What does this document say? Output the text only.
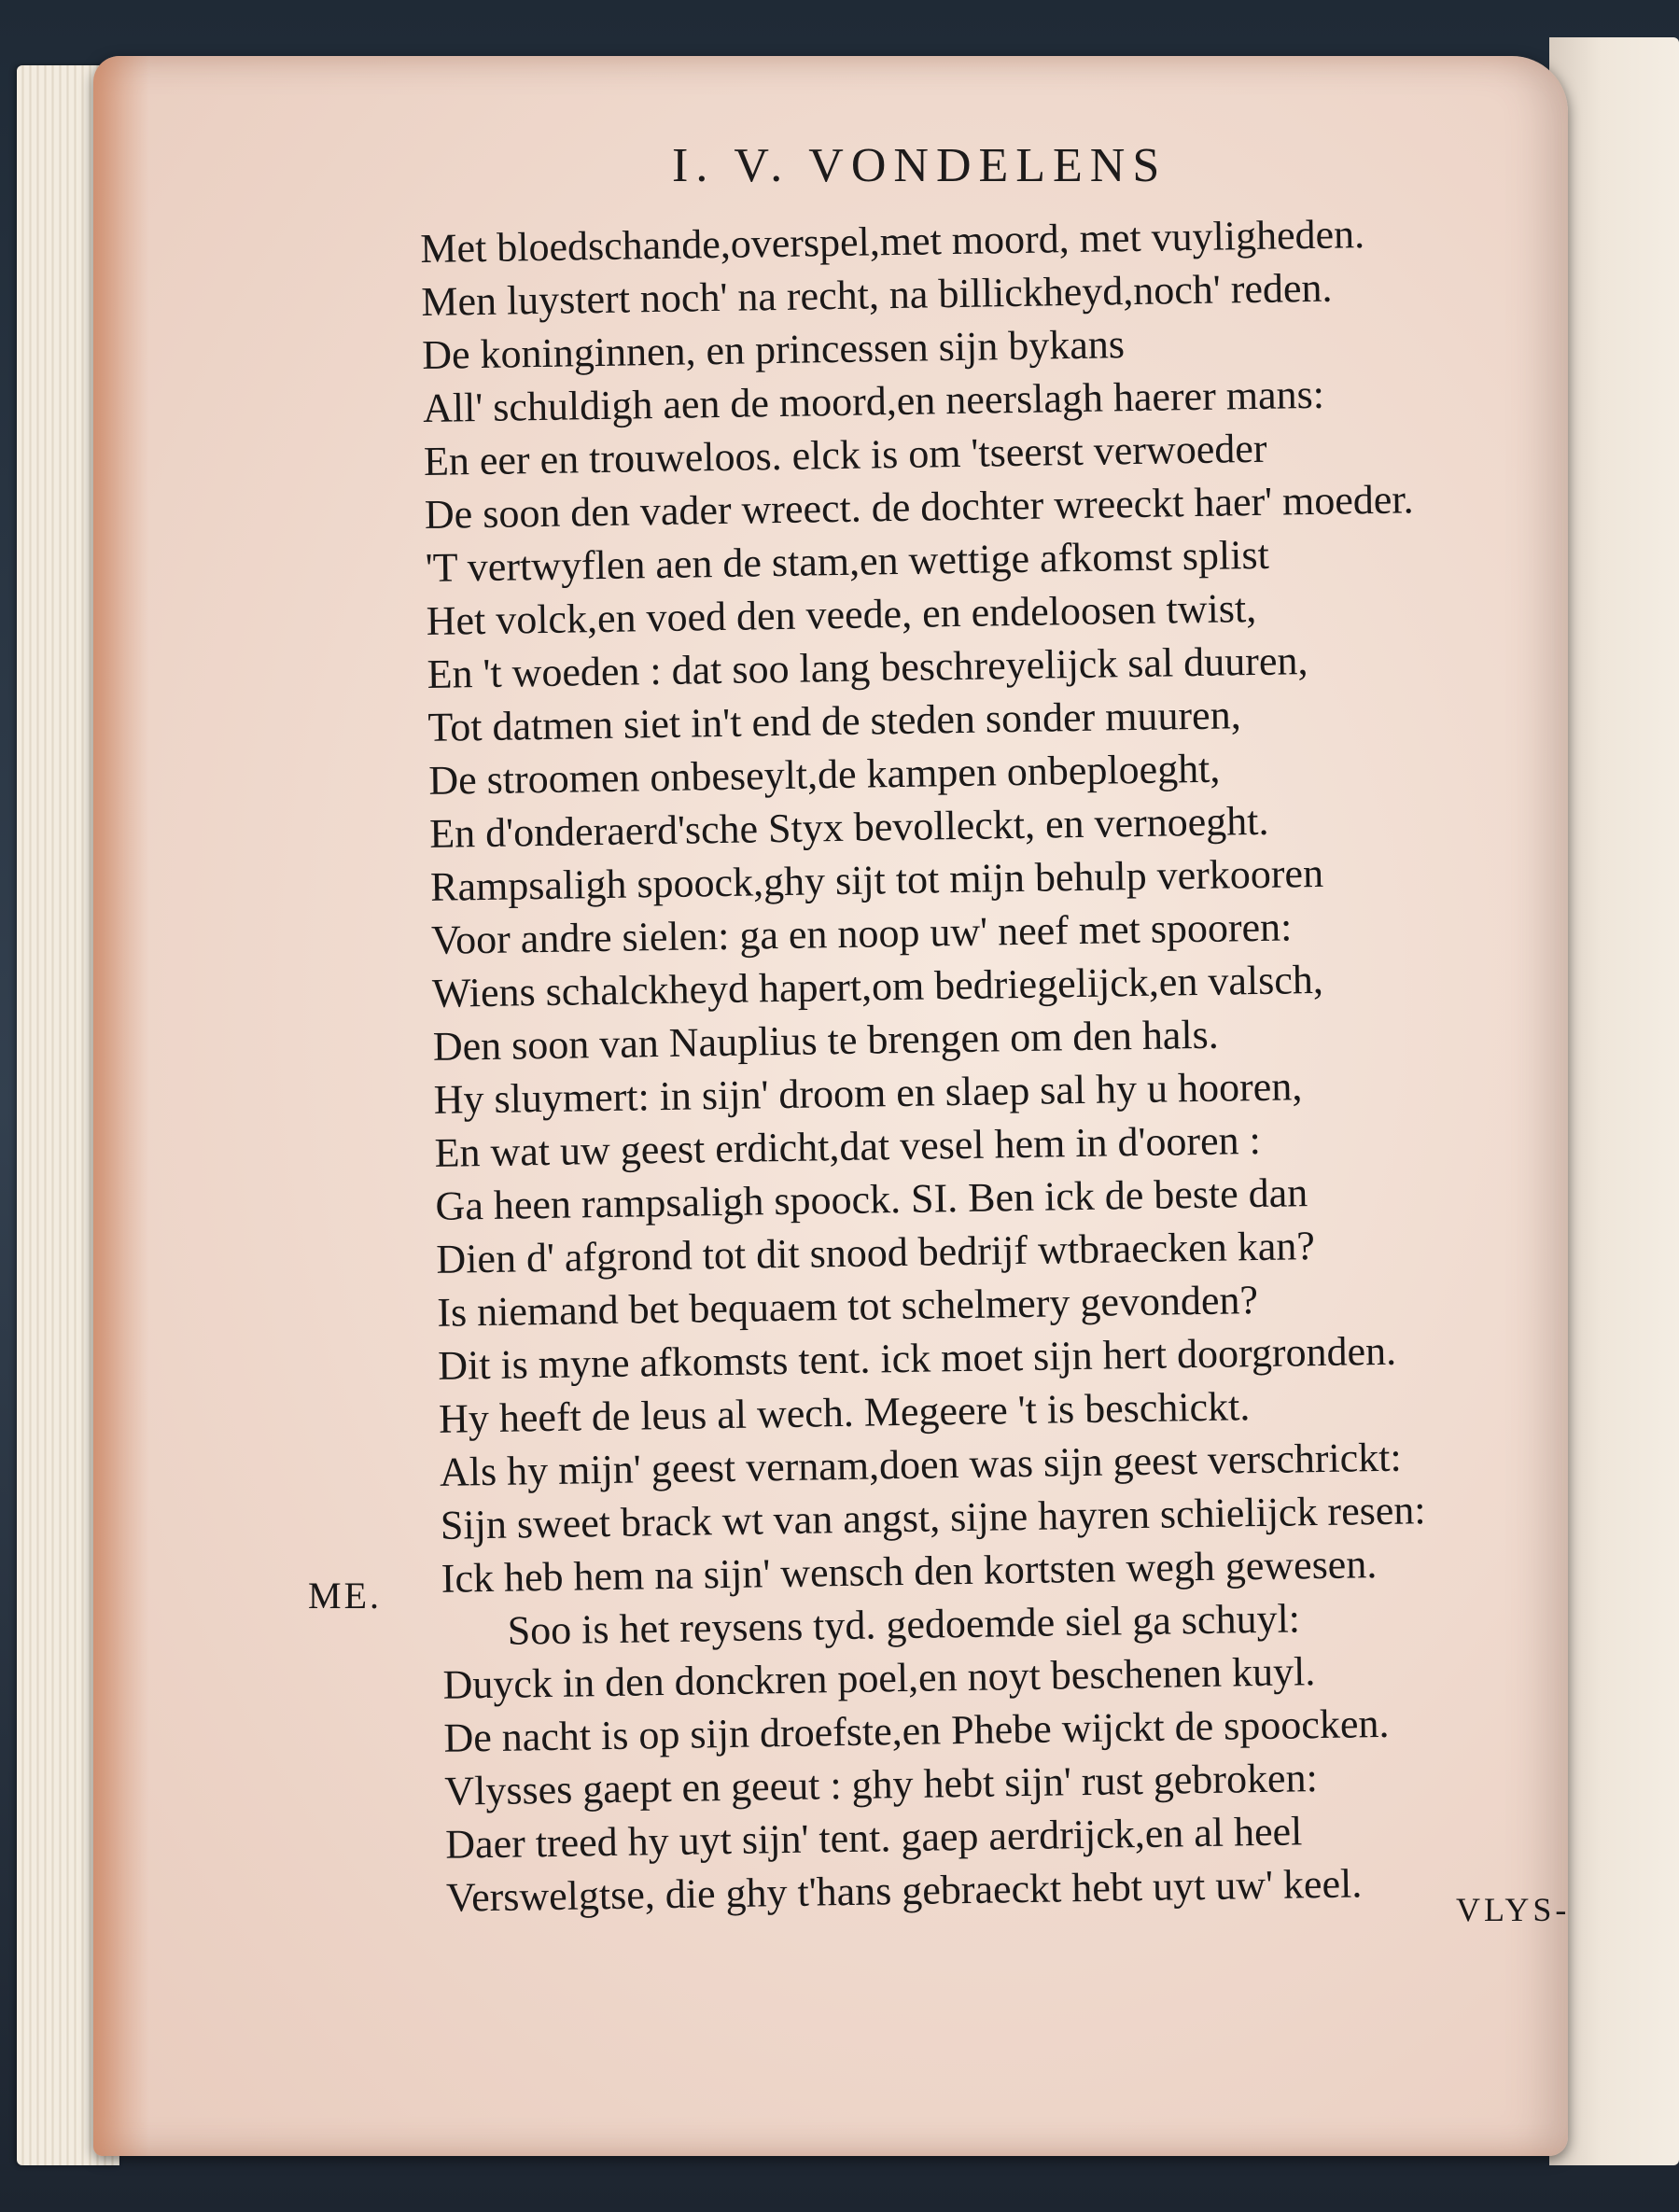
I. V. VONDELENS
Met bloedschande,overspel,met moord, met vuyligheden.
Men luystert noch' na recht, na billickheyd,noch' reden.
De koninginnen, en princessen sijn bykans
All' schuldigh aen de moord,en neerslagh haerer mans:
En eer en trouweloos. elck is om 'tseerst verwoeder
De soon den vader wreect. de dochter wreeckt haer' moeder.
'T vertwyflen aen de stam,en wettige afkomst splist
Het volck,en voed den veede, en endeloosen twist,
En 't woeden : dat soo lang beschreyelijck sal duuren,
Tot datmen siet in't end de steden sonder muuren,
De stroomen onbeseylt,de kampen onbeploeght,
En d'onderaerd'sche Styx bevolleckt, en vernoeght.
Rampsaligh spoock,ghy sijt tot mijn behulp verkooren
Voor andre sielen: ga en noop uw' neef met spooren:
Wiens schalckheyd hapert,om bedriegelijck,en valsch,
Den soon van Nauplius te brengen om den hals.
Hy sluymert: in sijn' droom en slaep sal hy u hooren,
En wat uw geest erdicht,dat vesel hem in d'ooren :
Ga heen rampsaligh spoock. SI. Ben ick de beste dan
Dien d' afgrond tot dit snood bedrijf wtbraecken kan?
Is niemand bet bequaem tot schelmery gevonden?
Dit is myne afkomsts tent. ick moet sijn hert doorgronden.
Hy heeft de leus al wech. Megeere 't is beschickt.
Als hy mijn' geest vernam,doen was sijn geest verschrickt:
Sijn sweet brack wt van angst, sijne hayren schielijck resen:
Ick heb hem na sijn' wensch den kortsten wegh gewesen.
Soo is het reysens tyd. gedoemde siel ga schuyl:
Duyck in den donckren poel,en noyt beschenen kuyl.
De nacht is op sijn droefste,en Phebe wijckt de spoocken.
Vlysses gaept en geeut : ghy hebt sijn' rust gebroken:
Daer treed hy uyt sijn' tent. gaep aerdrijck,en al heel
Verswelgtse, die ghy t'hans gebraeckt hebt uyt uw' keel.
ME.
VLYS-
